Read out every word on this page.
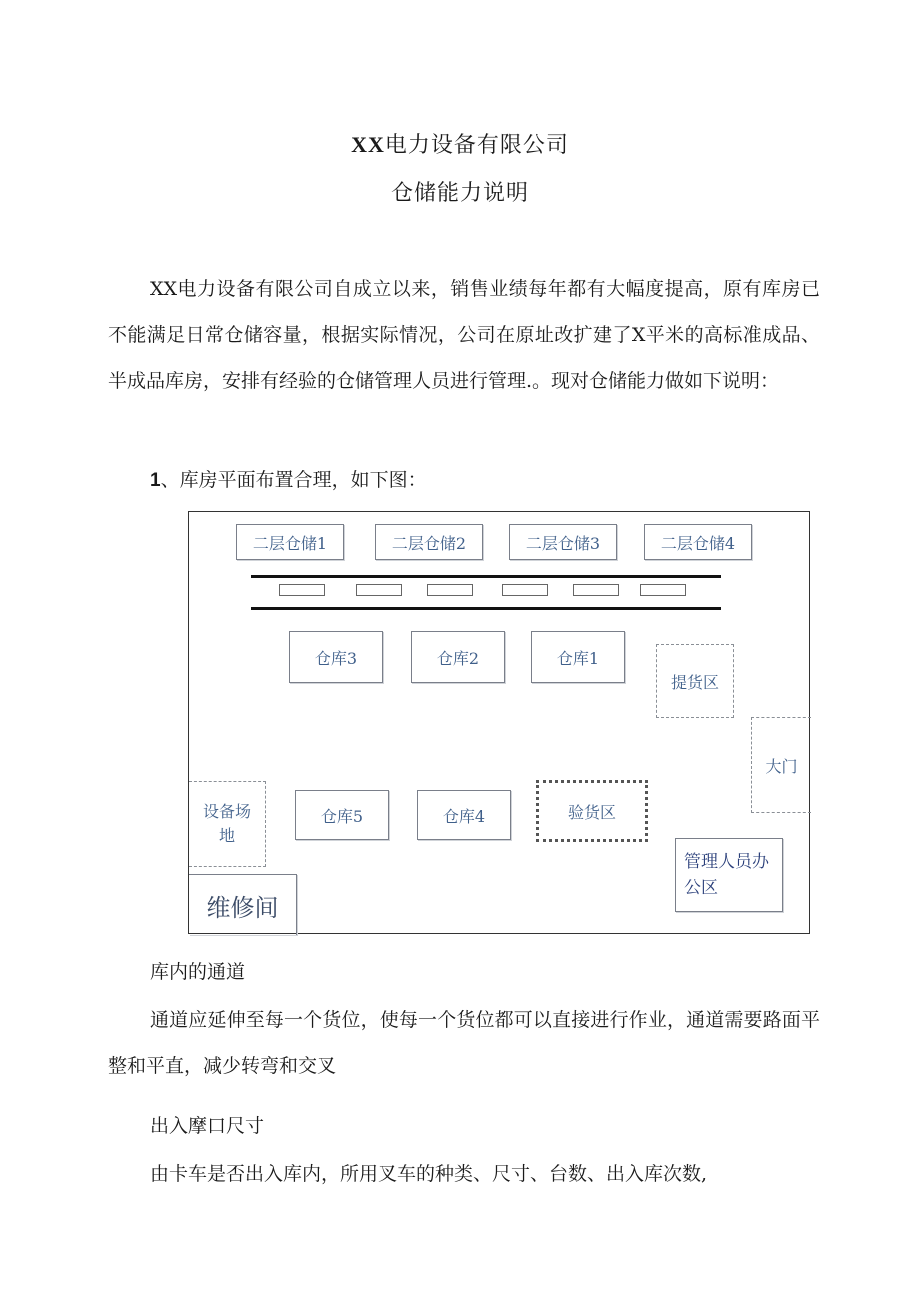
XX电力设备有限公司
仓储能力说明
XX电力设备有限公司自成立以来，销售业绩每年都有大幅度提高，原有库房已不能满足日常仓储容量，根据实际情况，公司在原址改扩建了X平米的高标准成品、半成品库房，安排有经验的仓储管理人员进行管理.。现对仓储能力做如下说明：
1、库房平面布置合理，如下图：
二层仓储1	二层仓储2	二层仓储3	二层仓储4
仓库3	仓库2	仓库1
提货区
大门
设备场地
仓库5	仓库4	验货区
管理人员办公区
维修间
库内的通道
通道应延伸至每一个货位，使每一个货位都可以直接进行作业，通道需要路面平整和平直，减少转弯和交叉
出入摩口尺寸
由卡车是否出入库内，所用叉车的种类、尺寸、台数、出入库次数,
